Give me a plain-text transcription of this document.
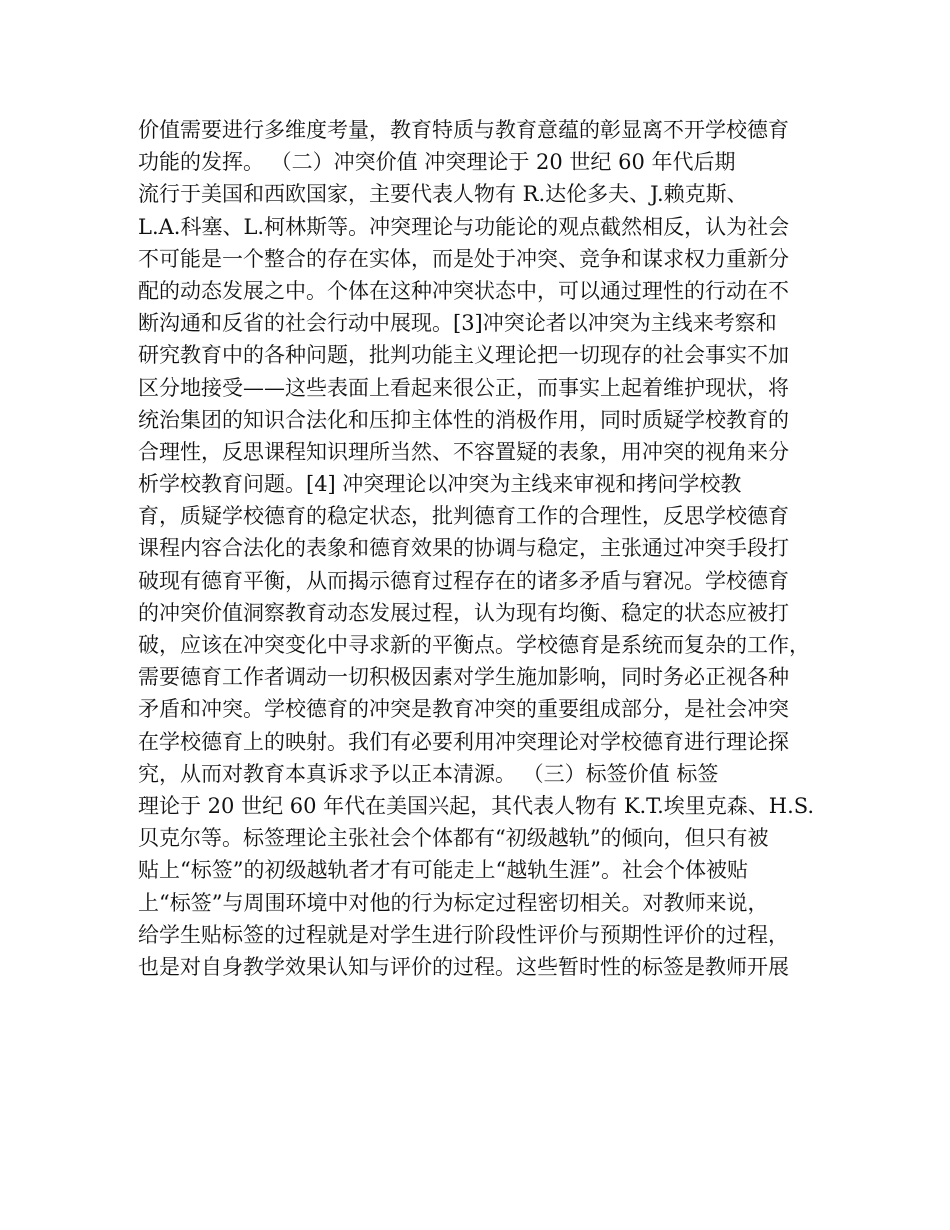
价值需要进行多维度考量，教育特质与教育意蕴的彰显离不开学校德育
功能的发挥。 （二）冲突价值 冲突理论于 20 世纪 60 年代后期
流行于美国和西欧国家，主要代表人物有 R.达伦多夫、J.赖克斯、
L.A.科塞、L.柯林斯等。冲突理论与功能论的观点截然相反，认为社会
不可能是一个整合的存在实体，而是处于冲突、竞争和谋求权力重新分
配的动态发展之中。个体在这种冲突状态中，可以通过理性的行动在不
断沟通和反省的社会行动中展现。[3]冲突论者以冲突为主线来考察和
研究教育中的各种问题，批判功能主义理论把一切现存的社会事实不加
区分地接受——这些表面上看起来很公正，而事实上起着维护现状，将
统治集团的知识合法化和压抑主体性的消极作用，同时质疑学校教育的
合理性，反思课程知识理所当然、不容置疑的表象，用冲突的视角来分
析学校教育问题。[4] 冲突理论以冲突为主线来审视和拷问学校教
育，质疑学校德育的稳定状态，批判德育工作的合理性，反思学校德育
课程内容合法化的表象和德育效果的协调与稳定，主张通过冲突手段打
破现有德育平衡，从而揭示德育过程存在的诸多矛盾与窘况。学校德育
的冲突价值洞察教育动态发展过程，认为现有均衡、稳定的状态应被打
破，应该在冲突变化中寻求新的平衡点。学校德育是系统而复杂的工作，
需要德育工作者调动一切积极因素对学生施加影响，同时务必正视各种
矛盾和冲突。学校德育的冲突是教育冲突的重要组成部分，是社会冲突
在学校德育上的映射。我们有必要利用冲突理论对学校德育进行理论探
究，从而对教育本真诉求予以正本清源。 （三）标签价值 标签
理论于 20 世纪 60 年代在美国兴起，其代表人物有 K.T.埃里克森、H.S.
贝克尔等。标签理论主张社会个体都有“初级越轨”的倾向，但只有被
贴上“标签”的初级越轨者才有可能走上“越轨生涯”。社会个体被贴
上“标签”与周围环境中对他的行为标定过程密切相关。对教师来说，
给学生贴标签的过程就是对学生进行阶段性评价与预期性评价的过程，
也是对自身教学效果认知与评价的过程。这些暂时性的标签是教师开展
